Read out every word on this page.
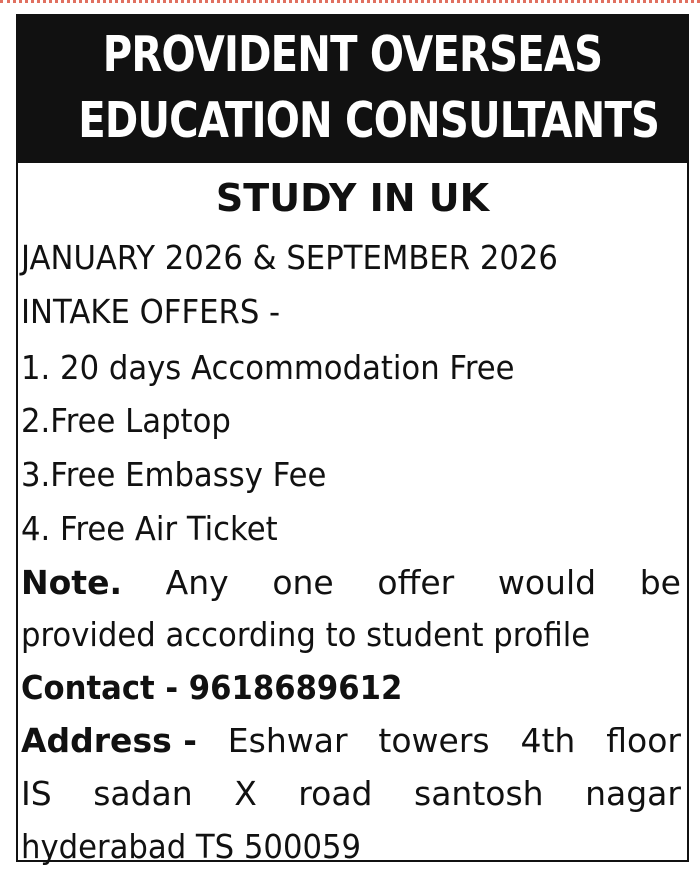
PROVIDENT OVERSEAS
EDUCATION CONSULTANTS
STUDY IN UK
JANUARY 2026 & SEPTEMBER 2026
INTAKE OFFERS -
1. 20 days Accommodation Free
2.Free Laptop
3.Free Embassy Fee
4. Free Air Ticket
Note. Any one offer would be
provided according to student profile
Contact - 9618689612
Address - Eshwar towers 4th floor
IS sadan X road santosh nagar
hyderabad TS 500059
